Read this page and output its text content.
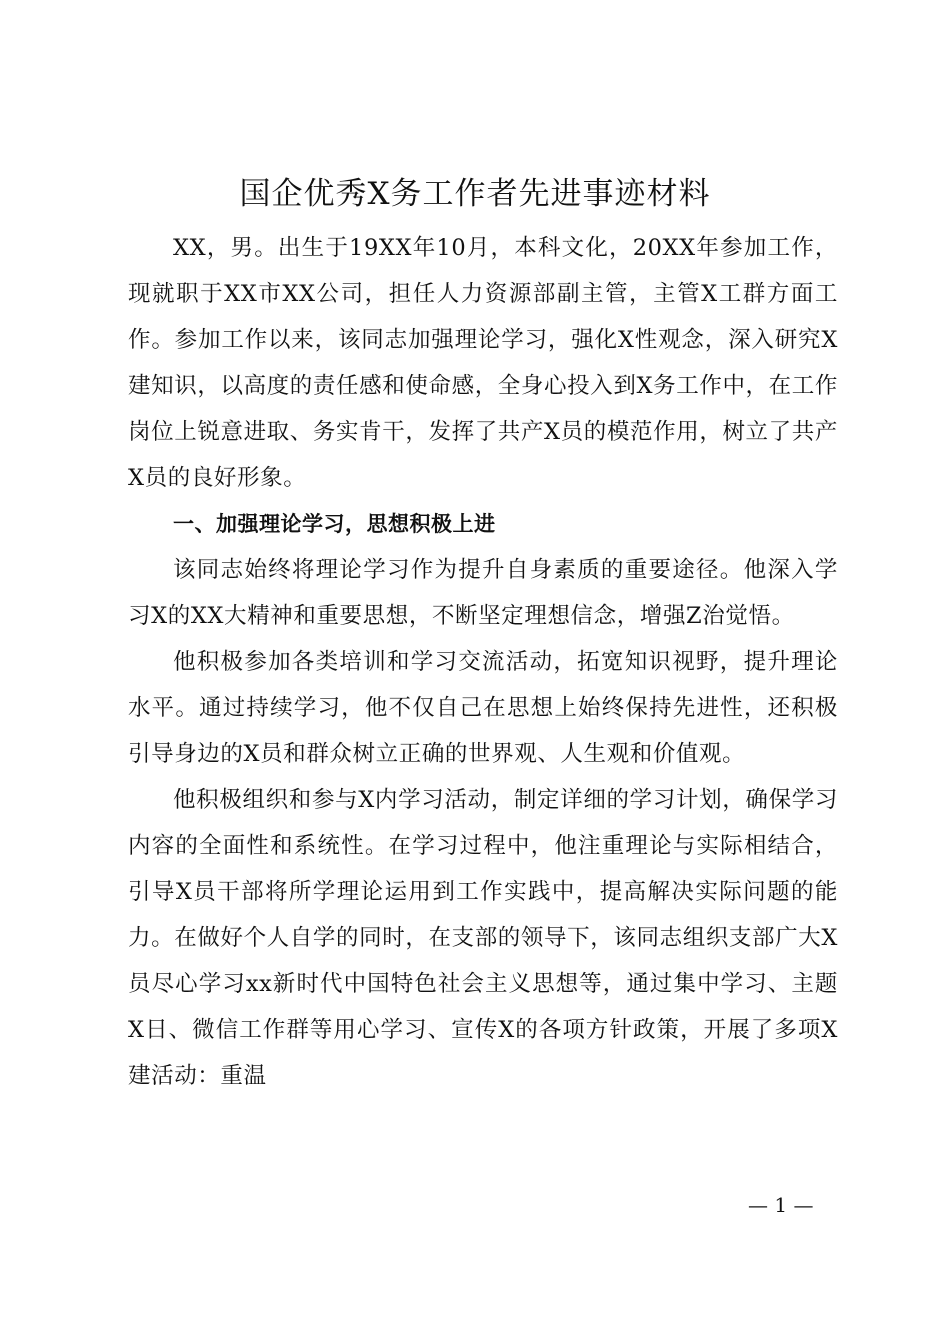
国企优秀X务工作者先进事迹材料

XX，男。出生于19XX年10月，本科文化，20XX年参加工作，现就职于XX市XX公司，担任人力资源部副主管，主管X工群方面工作。参加工作以来，该同志加强理论学习，强化X性观念，深入研究X建知识，以高度的责任感和使命感，全身心投入到X务工作中，在工作岗位上锐意进取、务实肯干，发挥了共产X员的模范作用，树立了共产X员的良好形象。

一、加强理论学习，思想积极上进

该同志始终将理论学习作为提升自身素质的重要途径。他深入学习X的XX大精神和重要思想，不断坚定理想信念，增强Z治觉悟。

他积极参加各类培训和学习交流活动，拓宽知识视野，提升理论水平。通过持续学习，他不仅自己在思想上始终保持先进性，还积极引导身边的X员和群众树立正确的世界观、人生观和价值观。

他积极组织和参与X内学习活动，制定详细的学习计划，确保学习内容的全面性和系统性。在学习过程中，他注重理论与实际相结合，引导X员干部将所学理论运用到工作实践中，提高解决实际问题的能力。在做好个人自学的同时，在支部的领导下，该同志组织支部广大X员尽心学习xx新时代中国特色社会主义思想等，通过集中学习、主题X日、微信工作群等用心学习、宣传X的各项方针政策，开展了多项X建活动：重温

— 1 —
